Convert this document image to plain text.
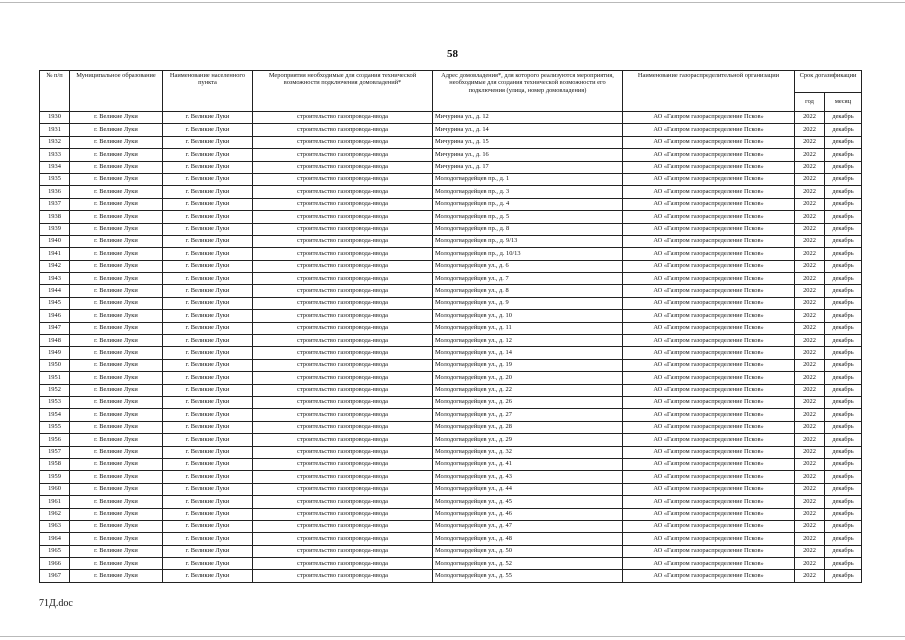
58
№ п/п	Муниципальное образование	Наименование населенного пункта	Мероприятия необходимые для создания технической возможности подключения домовладений*	Адрес домовладения*, для которого реализуются мероприятия, необходимые для создания технической возможности его подключения (улица, номер домовладения)	Наименование газораспределительной организации	Срок догазификации	
						год	месяц
1930	г. Великие Луки	г. Великие Луки	строительство газопровода-ввода	Мичурина ул., д. 12	АО «Газпром газораспределение Псков»	2022	декабрь
1931	г. Великие Луки	г. Великие Луки	строительство газопровода-ввода	Мичурина ул., д. 14	АО «Газпром газораспределение Псков»	2022	декабрь
1932	г. Великие Луки	г. Великие Луки	строительство газопровода-ввода	Мичурина ул., д. 15	АО «Газпром газораспределение Псков»	2022	декабрь
1933	г. Великие Луки	г. Великие Луки	строительство газопровода-ввода	Мичурина ул., д. 16	АО «Газпром газораспределение Псков»	2022	декабрь
1934	г. Великие Луки	г. Великие Луки	строительство газопровода-ввода	Мичурина ул., д. 17	АО «Газпром газораспределение Псков»	2022	декабрь
1935	г. Великие Луки	г. Великие Луки	строительство газопровода-ввода	Молодогвардейцев пр., д. 1	АО «Газпром газораспределение Псков»	2022	декабрь
1936	г. Великие Луки	г. Великие Луки	строительство газопровода-ввода	Молодогвардейцев пр., д. 3	АО «Газпром газораспределение Псков»	2022	декабрь
1937	г. Великие Луки	г. Великие Луки	строительство газопровода-ввода	Молодогвардейцев пр., д. 4	АО «Газпром газораспределение Псков»	2022	декабрь
1938	г. Великие Луки	г. Великие Луки	строительство газопровода-ввода	Молодогвардейцев пр., д. 5	АО «Газпром газораспределение Псков»	2022	декабрь
1939	г. Великие Луки	г. Великие Луки	строительство газопровода-ввода	Молодогвардейцев пр., д. 8	АО «Газпром газораспределение Псков»	2022	декабрь
1940	г. Великие Луки	г. Великие Луки	строительство газопровода-ввода	Молодогвардейцев пр., д. 9/13	АО «Газпром газораспределение Псков»	2022	декабрь
1941	г. Великие Луки	г. Великие Луки	строительство газопровода-ввода	Молодогвардейцев пр., д. 10/13	АО «Газпром газораспределение Псков»	2022	декабрь
1942	г. Великие Луки	г. Великие Луки	строительство газопровода-ввода	Молодогвардейцев ул., д. 6	АО «Газпром газораспределение Псков»	2022	декабрь
1943	г. Великие Луки	г. Великие Луки	строительство газопровода-ввода	Молодогвардейцев ул., д. 7	АО «Газпром газораспределение Псков»	2022	декабрь
1944	г. Великие Луки	г. Великие Луки	строительство газопровода-ввода	Молодогвардейцев ул., д. 8	АО «Газпром газораспределение Псков»	2022	декабрь
1945	г. Великие Луки	г. Великие Луки	строительство газопровода-ввода	Молодогвардейцев ул., д. 9	АО «Газпром газораспределение Псков»	2022	декабрь
1946	г. Великие Луки	г. Великие Луки	строительство газопровода-ввода	Молодогвардейцев ул., д. 10	АО «Газпром газораспределение Псков»	2022	декабрь
1947	г. Великие Луки	г. Великие Луки	строительство газопровода-ввода	Молодогвардейцев ул., д. 11	АО «Газпром газораспределение Псков»	2022	декабрь
1948	г. Великие Луки	г. Великие Луки	строительство газопровода-ввода	Молодогвардейцев ул., д. 12	АО «Газпром газораспределение Псков»	2022	декабрь
1949	г. Великие Луки	г. Великие Луки	строительство газопровода-ввода	Молодогвардейцев ул., д. 14	АО «Газпром газораспределение Псков»	2022	декабрь
1950	г. Великие Луки	г. Великие Луки	строительство газопровода-ввода	Молодогвардейцев ул., д. 19	АО «Газпром газораспределение Псков»	2022	декабрь
1951	г. Великие Луки	г. Великие Луки	строительство газопровода-ввода	Молодогвардейцев ул., д. 20	АО «Газпром газораспределение Псков»	2022	декабрь
1952	г. Великие Луки	г. Великие Луки	строительство газопровода-ввода	Молодогвардейцев ул., д. 22	АО «Газпром газораспределение Псков»	2022	декабрь
1953	г. Великие Луки	г. Великие Луки	строительство газопровода-ввода	Молодогвардейцев ул., д. 26	АО «Газпром газораспределение Псков»	2022	декабрь
1954	г. Великие Луки	г. Великие Луки	строительство газопровода-ввода	Молодогвардейцев ул., д. 27	АО «Газпром газораспределение Псков»	2022	декабрь
1955	г. Великие Луки	г. Великие Луки	строительство газопровода-ввода	Молодогвардейцев ул., д. 28	АО «Газпром газораспределение Псков»	2022	декабрь
1956	г. Великие Луки	г. Великие Луки	строительство газопровода-ввода	Молодогвардейцев ул., д. 29	АО «Газпром газораспределение Псков»	2022	декабрь
1957	г. Великие Луки	г. Великие Луки	строительство газопровода-ввода	Молодогвардейцев ул., д. 32	АО «Газпром газораспределение Псков»	2022	декабрь
1958	г. Великие Луки	г. Великие Луки	строительство газопровода-ввода	Молодогвардейцев ул., д. 41	АО «Газпром газораспределение Псков»	2022	декабрь
1959	г. Великие Луки	г. Великие Луки	строительство газопровода-ввода	Молодогвардейцев ул., д. 43	АО «Газпром газораспределение Псков»	2022	декабрь
1960	г. Великие Луки	г. Великие Луки	строительство газопровода-ввода	Молодогвардейцев ул., д. 44	АО «Газпром газораспределение Псков»	2022	декабрь
1961	г. Великие Луки	г. Великие Луки	строительство газопровода-ввода	Молодогвардейцев ул., д. 45	АО «Газпром газораспределение Псков»	2022	декабрь
1962	г. Великие Луки	г. Великие Луки	строительство газопровода-ввода	Молодогвардейцев ул., д. 46	АО «Газпром газораспределение Псков»	2022	декабрь
1963	г. Великие Луки	г. Великие Луки	строительство газопровода-ввода	Молодогвардейцев ул., д. 47	АО «Газпром газораспределение Псков»	2022	декабрь
1964	г. Великие Луки	г. Великие Луки	строительство газопровода-ввода	Молодогвардейцев ул., д. 48	АО «Газпром газораспределение Псков»	2022	декабрь
1965	г. Великие Луки	г. Великие Луки	строительство газопровода-ввода	Молодогвардейцев ул., д. 50	АО «Газпром газораспределение Псков»	2022	декабрь
1966	г. Великие Луки	г. Великие Луки	строительство газопровода-ввода	Молодогвардейцев ул., д. 52	АО «Газпром газораспределение Псков»	2022	декабрь
1967	г. Великие Луки	г. Великие Луки	строительство газопровода-ввода	Молодогвардейцев ул., д. 55	АО «Газпром газораспределение Псков»	2022	декабрь
71Д.doc
